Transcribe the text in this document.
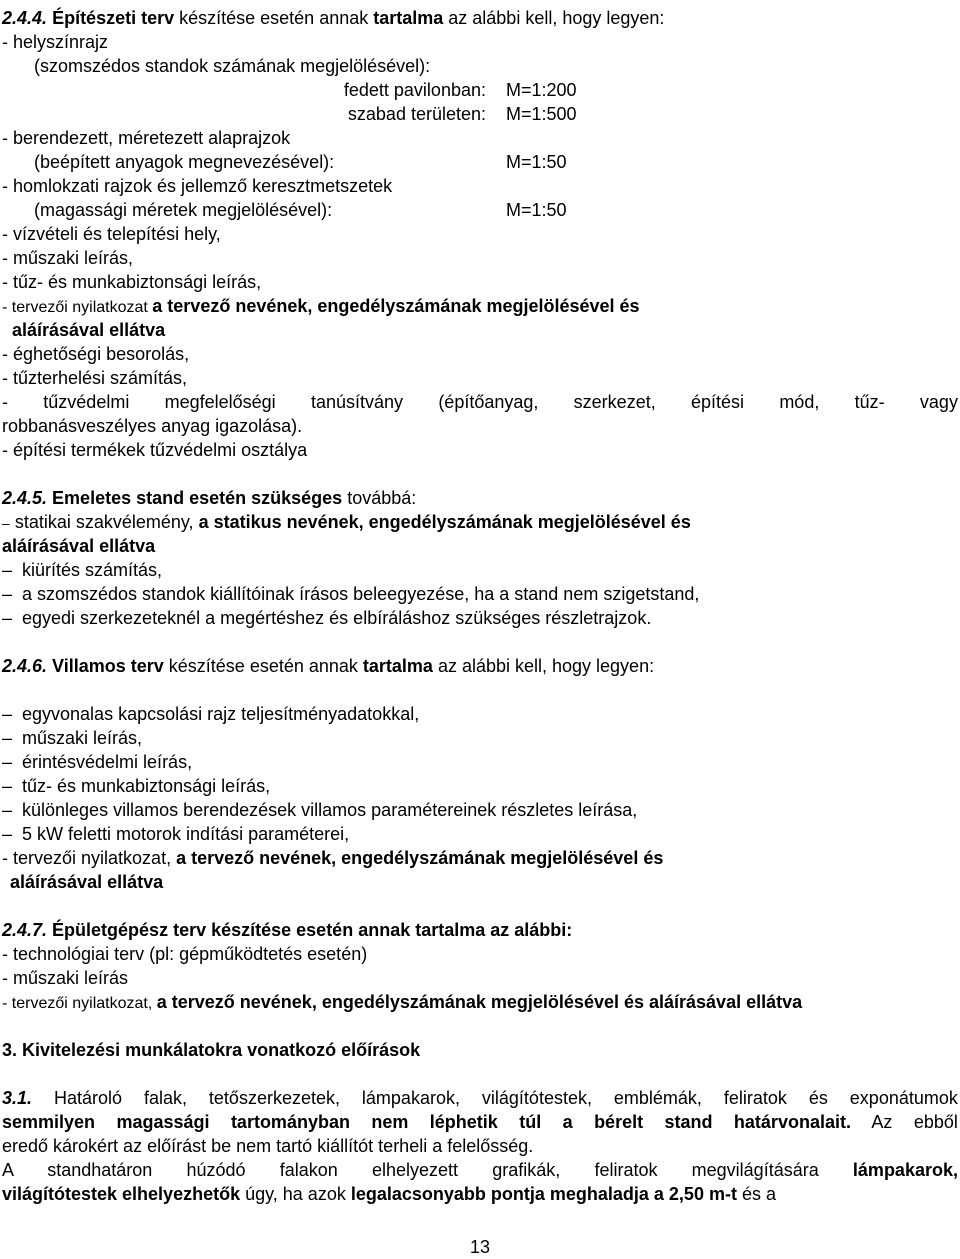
2.4.4. Építészeti terv készítése esetén annak tartalma az alábbi kell, hogy legyen:
- helyszínrajz
(szomszédos standok számának megjelölésével):
fedett pavilonban: M=1:200
szabad területen: M=1:500
- berendezett, méretezett alaprajzok
(beépített anyagok megnevezésével):	M=1:50
- homlokzati rajzok és jellemző keresztmetszetek
(magassági méretek megjelölésével):	M=1:50
- vízvételi és telepítési hely,
- műszaki leírás,
- tűz- és munkabiztonsági leírás,
- tervezői nyilatkozat a tervező nevének, engedélyszámának megjelölésével és
aláírásával ellátva
- éghetőségi besorolás,
- tűzterhelési számítás,
- tűzvédelmi megfelelőségi tanúsítvány (építőanyag, szerkezet, építési mód, tűz- vagy
robbanásveszélyes anyag igazolása).
- építési termékek tűzvédelmi osztálya
2.4.5. Emeletes stand esetén szükséges továbbá:
– statikai szakvélemény, a statikus nevének, engedélyszámának megjelölésével és
aláírásával ellátva
– kiürítés számítás,
– a szomszédos standok kiállítóinak írásos beleegyezése, ha a stand nem szigetstand,
– egyedi szerkezeteknél a megértéshez és elbíráláshoz szükséges részletrajzok.
2.4.6. Villamos terv készítése esetén annak tartalma az alábbi kell, hogy legyen:
– egyvonalas kapcsolási rajz teljesítményadatokkal,
– műszaki leírás,
– érintésvédelmi leírás,
– tűz- és munkabiztonsági leírás,
– különleges villamos berendezések villamos paramétereinek részletes leírása,
– 5 kW feletti motorok indítási paraméterei,
- tervezői nyilatkozat, a tervező nevének, engedélyszámának megjelölésével és
aláírásával ellátva
2.4.7. Épületgépész terv készítése esetén annak tartalma az alábbi:
- technológiai terv (pl: gépműködtetés esetén)
- műszaki leírás
- tervezői nyilatkozat, a tervező nevének, engedélyszámának megjelölésével és aláírásával ellátva
3. Kivitelezési munkálatokra vonatkozó előírások
3.1. Határoló falak, tetőszerkezetek, lámpakarok, világítótestek, emblémák, feliratok és exponátumok
semmilyen magassági tartományban nem léphetik túl a bérelt stand határvonalait. Az ebből
eredő károkért az előírást be nem tartó kiállítót terheli a felelősség.
A standhatáron húzódó falakon elhelyezett grafikák, feliratok megvilágítására lámpakarok,
világítótestek elhelyezhetők úgy, ha azok legalacsonyabb pontja meghaladja a 2,50 m-t és a
13
